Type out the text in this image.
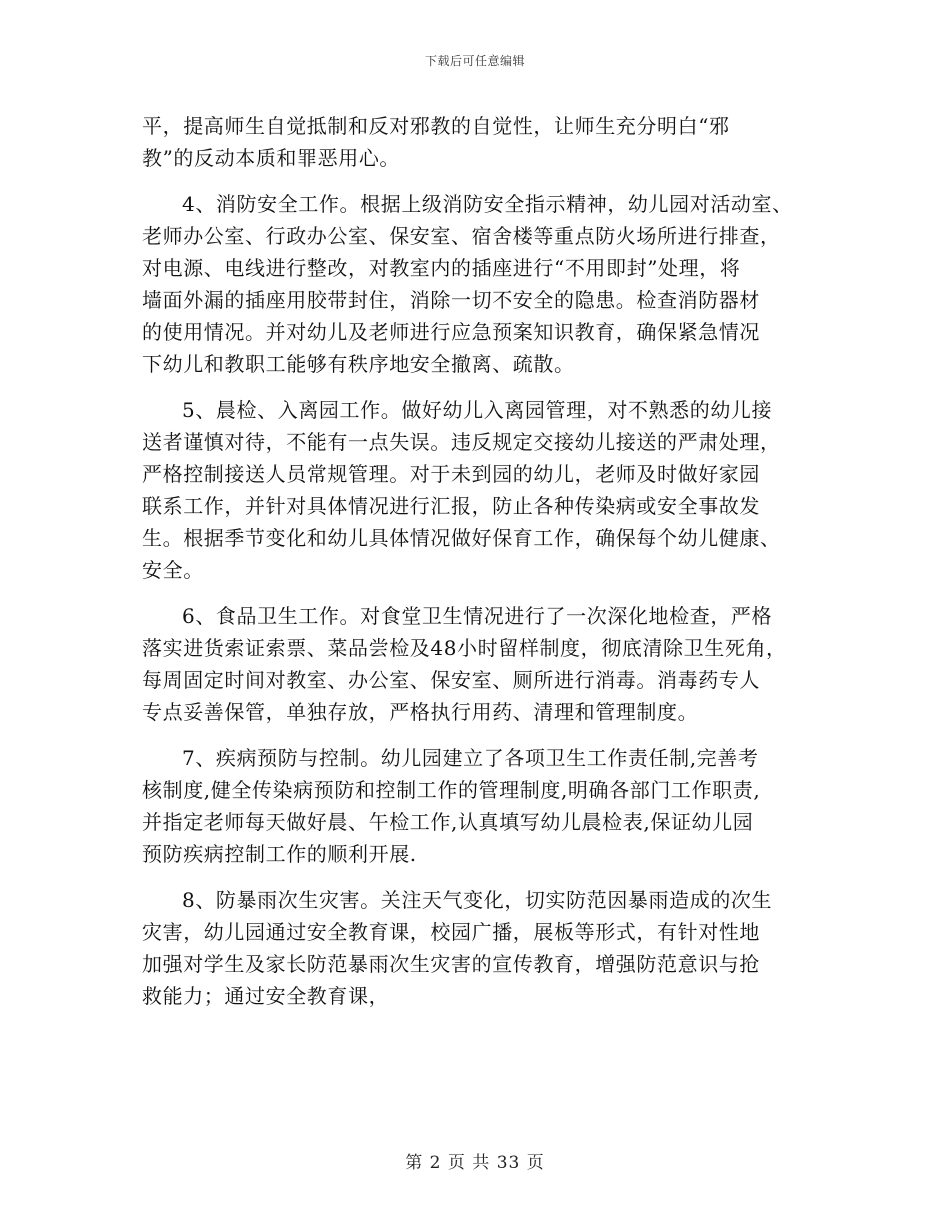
下载后可任意编辑
平，提高师生自觉抵制和反对邪教的自觉性，让师生充分明白“邪
教”的反动本质和罪恶用心。
4、消防安全工作。根据上级消防安全指示精神，幼儿园对活动室、
老师办公室、行政办公室、保安室、宿舍楼等重点防火场所进行排查，
对电源、电线进行整改，对教室内的插座进行“不用即封”处理，将
墙面外漏的插座用胶带封住，消除一切不安全的隐患。检查消防器材
的使用情况。并对幼儿及老师进行应急预案知识教育，确保紧急情况
下幼儿和教职工能够有秩序地安全撤离、疏散。
5、晨检、入离园工作。做好幼儿入离园管理，对不熟悉的幼儿接
送者谨慎对待，不能有一点失误。违反规定交接幼儿接送的严肃处理，
严格控制接送人员常规管理。对于未到园的幼儿，老师及时做好家园
联系工作，并针对具体情况进行汇报，防止各种传染病或安全事故发
生。根据季节变化和幼儿具体情况做好保育工作，确保每个幼儿健康、
安全。
6、食品卫生工作。对食堂卫生情况进行了一次深化地检查，严格
落实进货索证索票、菜品尝检及48小时留样制度，彻底清除卫生死角，
每周固定时间对教室、办公室、保安室、厕所进行消毒。消毒药专人
专点妥善保管，单独存放，严格执行用药、清理和管理制度。
7、疾病预防与控制。幼儿园建立了各项卫生工作责任制,完善考
核制度,健全传染病预防和控制工作的管理制度,明确各部门工作职责,
并指定老师每天做好晨、午检工作,认真填写幼儿晨检表,保证幼儿园
预防疾病控制工作的顺利开展.
8、防暴雨次生灾害。关注天气变化，切实防范因暴雨造成的次生
灾害，幼儿园通过安全教育课，校园广播，展板等形式，有针对性地
加强对学生及家长防范暴雨次生灾害的宣传教育，增强防范意识与抢
救能力；通过安全教育课，
第 2 页 共 33 页
